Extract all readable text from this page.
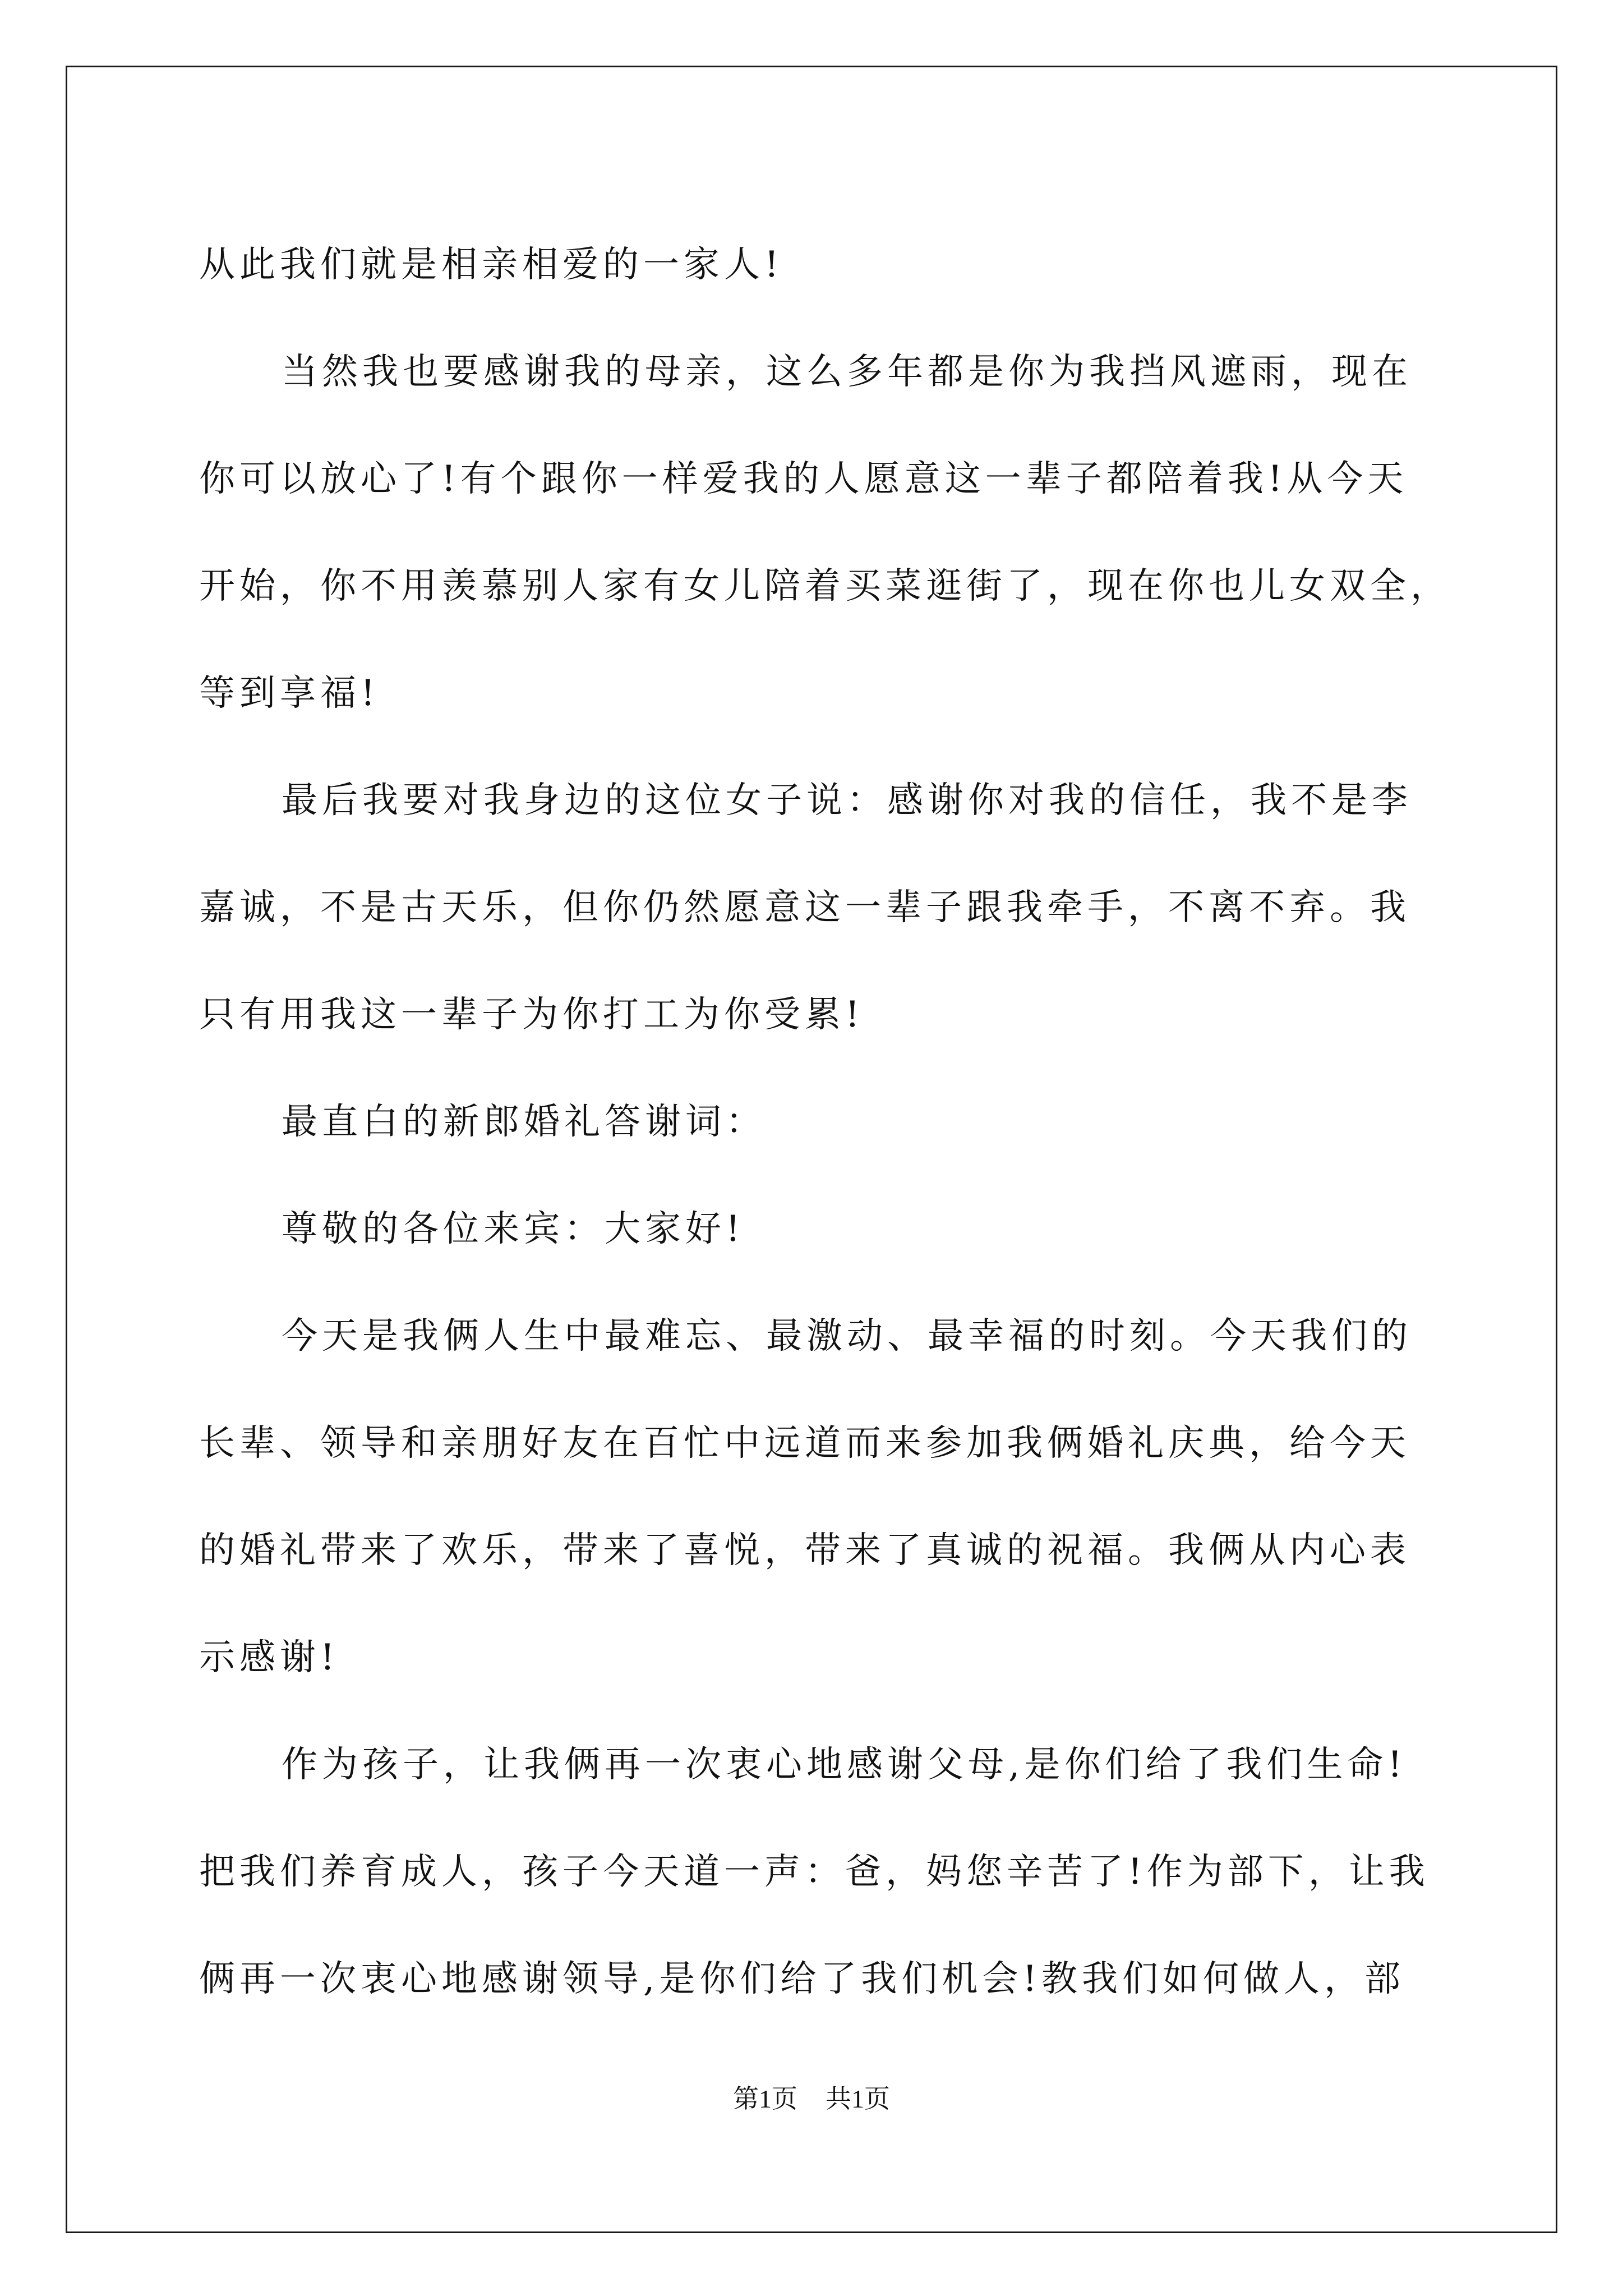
从此我们就是相亲相爱的一家人!
当然我也要感谢我的母亲，这么多年都是你为我挡风遮雨，现在
你可以放心了!有个跟你一样爱我的人愿意这一辈子都陪着我!从今天
开始，你不用羡慕别人家有女儿陪着买菜逛街了，现在你也儿女双全，
等到享福!
最后我要对我身边的这位女子说：感谢你对我的信任，我不是李
嘉诚，不是古天乐，但你仍然愿意这一辈子跟我牵手，不离不弃。我
只有用我这一辈子为你打工为你受累!
最直白的新郎婚礼答谢词：
尊敬的各位来宾：大家好!
今天是我俩人生中最难忘、最激动、最幸福的时刻。今天我们的
长辈、领导和亲朋好友在百忙中远道而来参加我俩婚礼庆典，给今天
的婚礼带来了欢乐，带来了喜悦，带来了真诚的祝福。我俩从内心表
示感谢!
作为孩子，让我俩再一次衷心地感谢父母,是你们给了我们生命!
把我们养育成人，孩子今天道一声：爸，妈您辛苦了!作为部下，让我
俩再一次衷心地感谢领导,是你们给了我们机会!教我们如何做人，部
第1页 共1页
